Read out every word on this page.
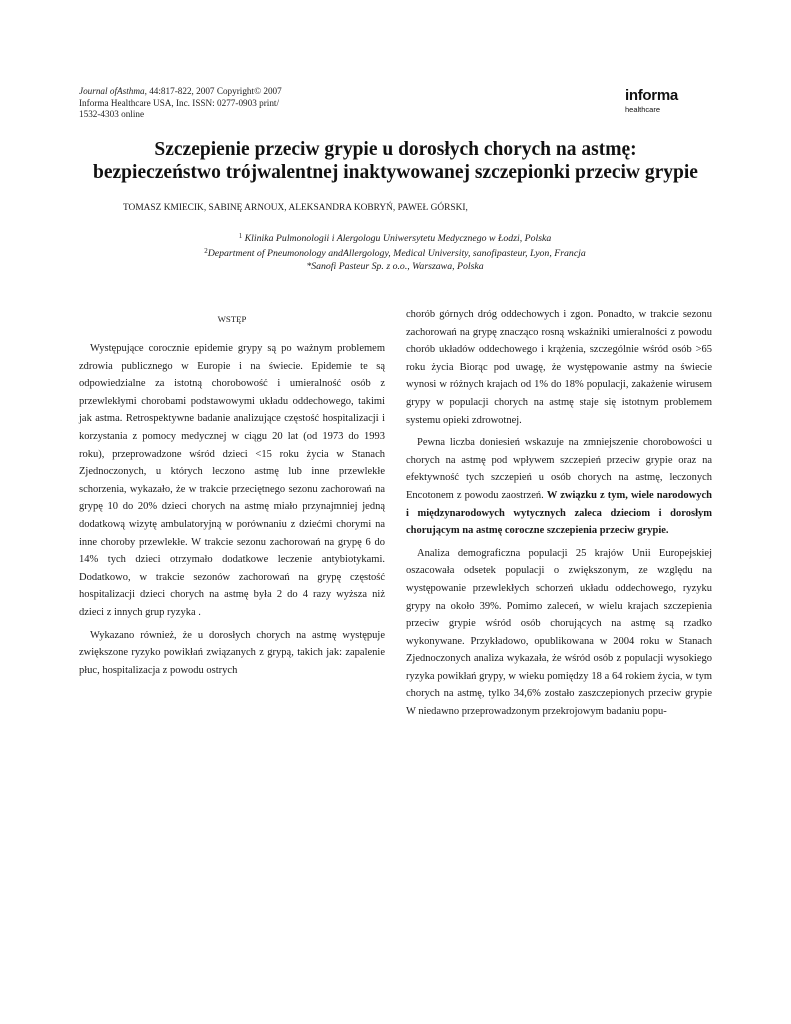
Journal ofAsthma, 44:817-822, 2007 Copyright© 2007 Informa Healthcare USA, Inc. ISSN: 0277-0903 print/ 1532-4303 online
informa
healthcare
Szczepienie przeciw grypie u dorosłych chorych na astmę:
bezpieczeństwo trójwalentnej inaktywowanej szczepionki przeciw grypie
TOMASZ KMIECIK, SABINĘ ARNOUX, ALEKSANDRA KOBRYŃ, PAWEŁ GÓRSKI,
$^1$ Klinika Pulmonologii i Alergologu Uniwersytetu Medycznego w Łodzi, Polska
$^2$Department of Pneumonology andAllergology, Medical University, sanofipasteur, Lyon, Francja
*Sanofi Pasteur Sp. z o.o., Warszawa, Polska
WSTĘP

Występujące corocznie epidemie grypy są po ważnym problemem zdrowia publicznego w Europie i na świecie. Epidemie te są odpowiedzialne za istotną chorobowość i umieralność osób z przewlekłymi chorobami podstawowymi układu oddechowego, takimi jak astma. Retrospektywne badanie analizujące częstość hospitalizacji i korzystania z pomocy medycznej w ciągu 20 lat (od 1973 do 1993 roku), przeprowadzone wśród dzieci <15 roku życia w Stanach Zjednoczonych, u których leczono astmę lub inne przewlekłe schorzenia, wykazało, że w trakcie przeciętnego sezonu zachorowań na grypę 10 do 20% dzieci chorych na astmę miało przynajmniej jedną dodatkową wizytę ambulatoryjną w porównaniu z dziećmi chorymi na inne choroby przewlekłe. W trakcie sezonu zachorowań na grypę 6 do 14% tych dzieci otrzymało dodatkowe leczenie antybiotykami. Dodatkowo, w trakcie sezonów zachorowań na grypę częstość hospitalizacji dzieci chorych na astmę była 2 do 4 razy wyższa niż dzieci z innych grup ryzyka .

Wykazano również, że u dorosłych chorych na astmę występuje zwiększone ryzyko powikłań związanych z grypą, takich jak: zapalenie płuc, hospitalizacja z powodu ostrych

chorób górnych dróg oddechowych i zgon. Ponadto, w trakcie sezonu zachorowań na grypę znacząco rosną wskaźniki umieralności z powodu chorób układów oddechowego i krążenia, szczególnie wśród osób >65 roku życia Biorąc pod uwagę, że występowanie astmy na świecie wynosi w różnych krajach od 1% do 18% populacji, zakażenie wirusem grypy w populacji chorych na astmę staje się istotnym problemem systemu opieki zdrowotnej.

Pewna liczba doniesień wskazuje na zmniejszenie chorobowości u chorych na astmę pod wpływem szczepień przeciw grypie oraz na efektywność tych szczepień u osób chorych na astmę, leczonych Encotonem z powodu zaostrzeń. W związku z tym, wiele narodowych i międzynarodowych wytycznych zaleca dzieciom i dorosłym chorującym na astmę coroczne szczepienia przeciw grypie.

Analiza demograficzna populacji 25 krajów Unii Europejskiej oszacowała odsetek populacji o zwiększonym, ze względu na występowanie przewlekłych schorzeń układu oddechowego, ryzyku grypy na około 39%. Pomimo zaleceń, w wielu krajach szczepienia przeciw grypie wśród osób chorujących na astmę są rzadko wykonywane. Przykładowo, opublikowana w 2004 roku w Stanach Zjednoczonych analiza wykazała, że wśród osób z populacji wysokiego ryzyka powikłań grypy, w wieku pomiędzy 18 a 64 rokiem życia, w tym chorych na astmę, tylko 34,6% zostało zaszczepionych przeciw grypie W niedawno przeprowadzonym przekrojowym badaniu popu-
